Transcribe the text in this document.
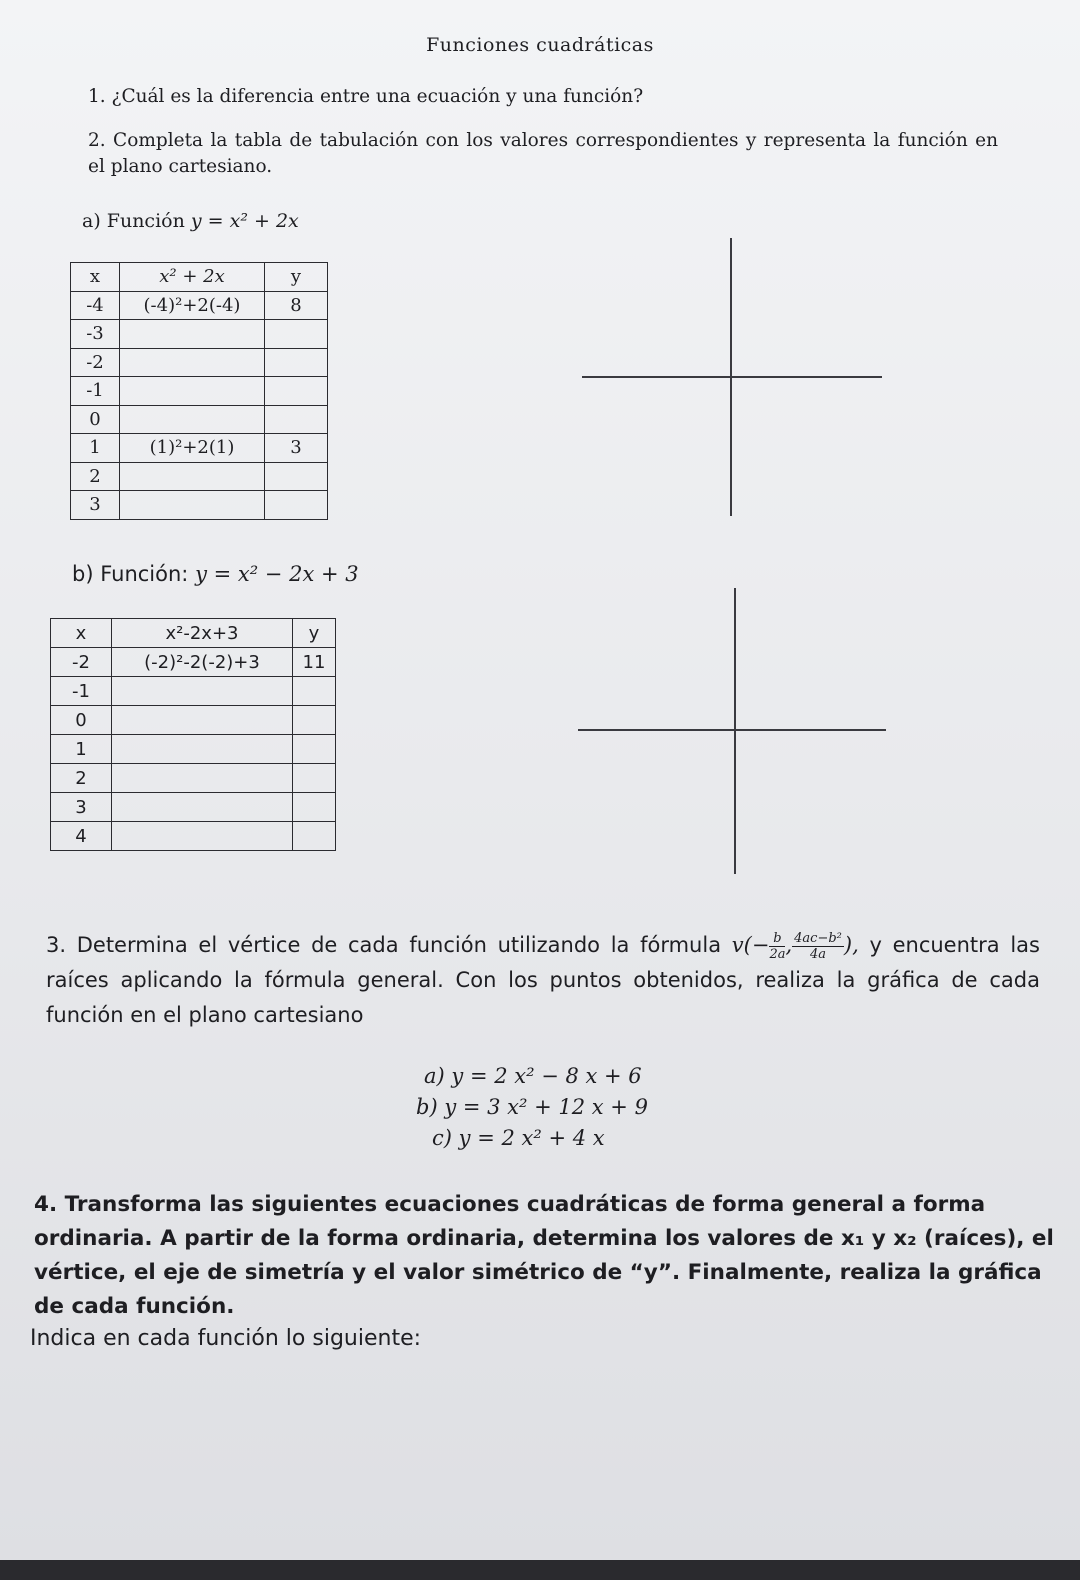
Funciones cuadráticas
1. ¿Cuál es la diferencia entre una ecuación y una función?
2. Completa la tabla de tabulación con los valores correspondientes y representa la función en el plano cartesiano.
a) Función y = x² + 2x
x	x² + 2x	y
-4	(-4)²+2(-4)	8
-3		
-2		
-1		
0		
1	(1)²+2(1)	3
2		
3		
b) Función: y = x² − 2x + 3
x	x²-2x+3	y
-2	(-2)²-2(-2)+3	11
-1		
0		
1		
2		
3		
4		
3. Determina el vértice de cada función utilizando la fórmula $v(- \frac{b}{2a}$ , $\frac{\text{4ac−b²}}{4a}$ ), y encuentra las raíces aplicando la fórmula general. Con los puntos obtenidos, realiza la gráfica de cada función en el plano cartesiano
a) y = 2 x² − 8 x + 6
b) y = 3 x² + 12 x + 9
c) y = 2 x² + 4 x
4. Transforma las siguientes ecuaciones cuadráticas de forma general a forma ordinaria. A partir de la forma ordinaria, determina los valores de x₁ y x₂ (raíces), el vértice, el eje de simetría y el valor simétrico de “y”. Finalmente, realiza la gráfica de cada función.
Indica en cada función lo siguiente:
